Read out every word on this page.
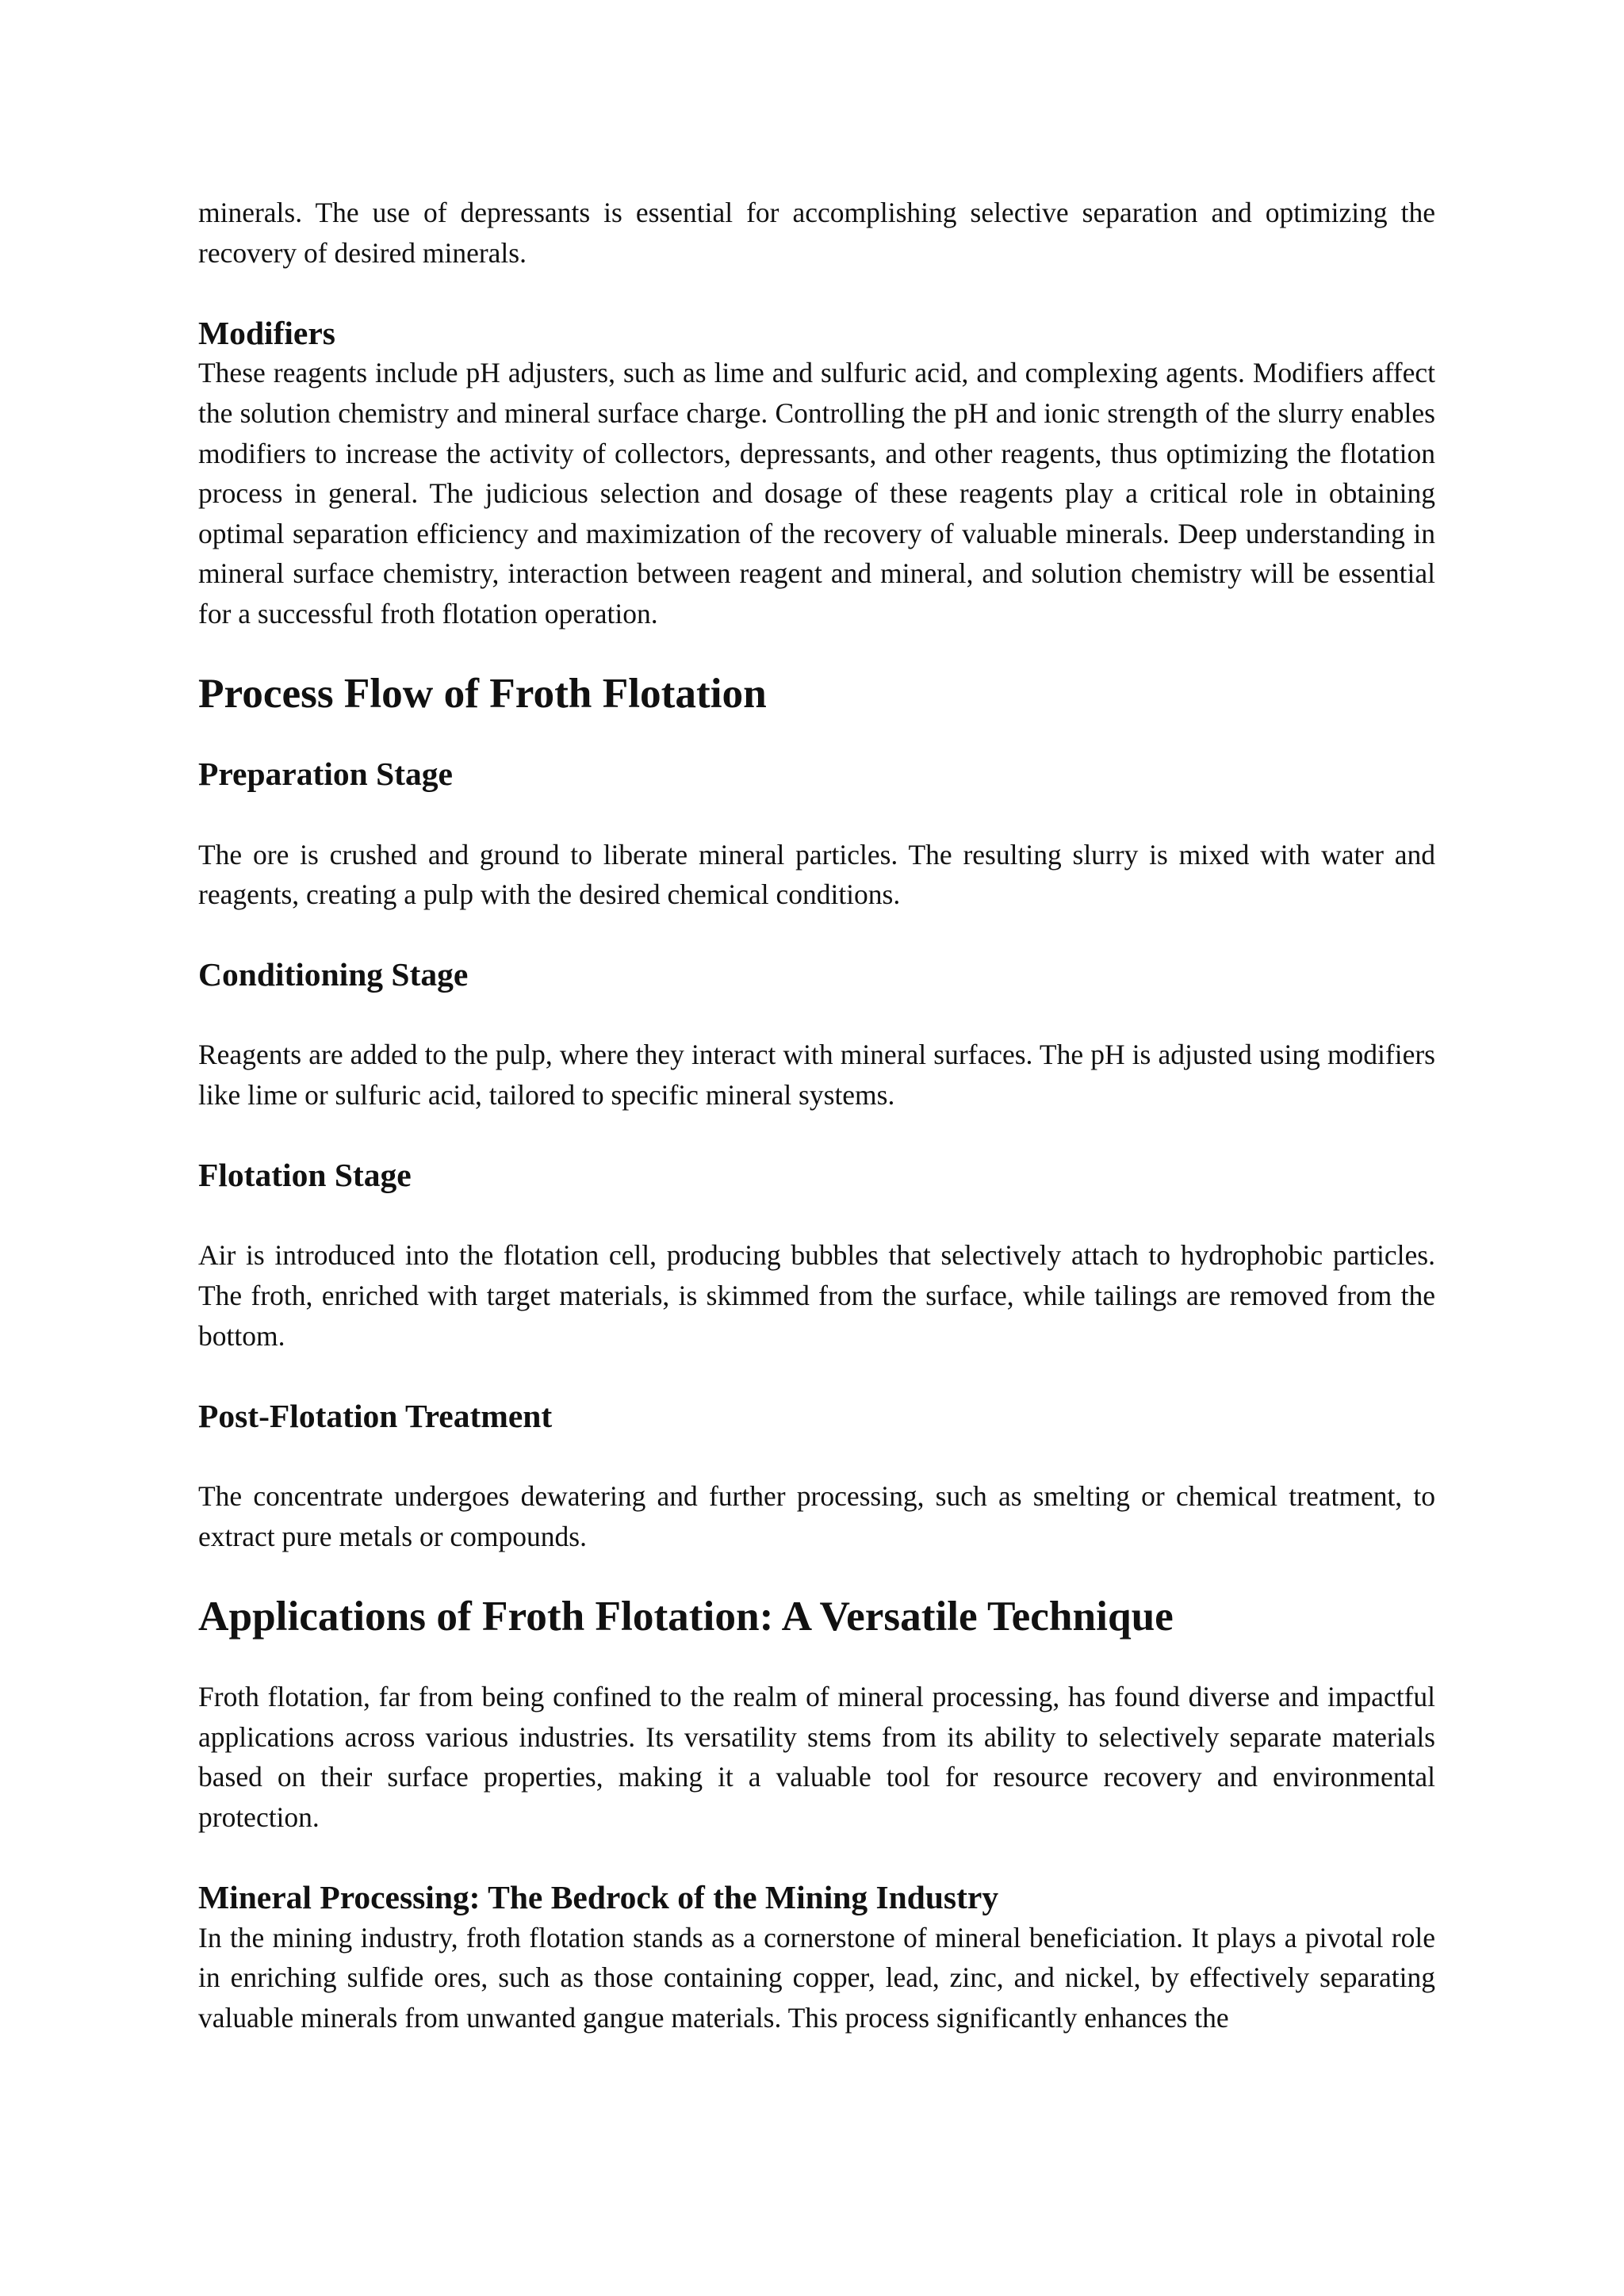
minerals. The use of depressants is essential for accomplishing selective separation and optimizing the recovery of desired minerals.

Modifiers

These reagents include pH adjusters, such as lime and sulfuric acid, and complexing agents. Modifiers affect the solution chemistry and mineral surface charge. Controlling the pH and ionic strength of the slurry enables modifiers to increase the activity of collectors, depressants, and other reagents, thus optimizing the flotation process in general. The judicious selection and dosage of these reagents play a critical role in obtaining optimal separation efficiency and maximization of the recovery of valuable minerals. Deep understanding in mineral surface chemistry, interaction between reagent and mineral, and solution chemistry will be essential for a successful froth flotation operation.

Process Flow of Froth Flotation
Preparation Stage

The ore is crushed and ground to liberate mineral particles. The resulting slurry is mixed with water and reagents, creating a pulp with the desired chemical conditions.

Conditioning Stage

Reagents are added to the pulp, where they interact with mineral surfaces. The pH is adjusted using modifiers like lime or sulfuric acid, tailored to specific mineral systems.

Flotation Stage

Air is introduced into the flotation cell, producing bubbles that selectively attach to hydrophobic particles. The froth, enriched with target materials, is skimmed from the surface, while tailings are removed from the bottom.

Post-Flotation Treatment

The concentrate undergoes dewatering and further processing, such as smelting or chemical treatment, to extract pure metals or compounds.

Applications of Froth Flotation: A Versatile Technique

Froth flotation, far from being confined to the realm of mineral processing, has found diverse and impactful applications across various industries. Its versatility stems from its ability to selectively separate materials based on their surface properties, making it a valuable tool for resource recovery and environmental protection.

Mineral Processing: The Bedrock of the Mining Industry

In the mining industry, froth flotation stands as a cornerstone of mineral beneficiation. It plays a pivotal role in enriching sulfide ores, such as those containing copper, lead, zinc, and nickel, by effectively separating valuable minerals from unwanted gangue materials. This process significantly enhances the
